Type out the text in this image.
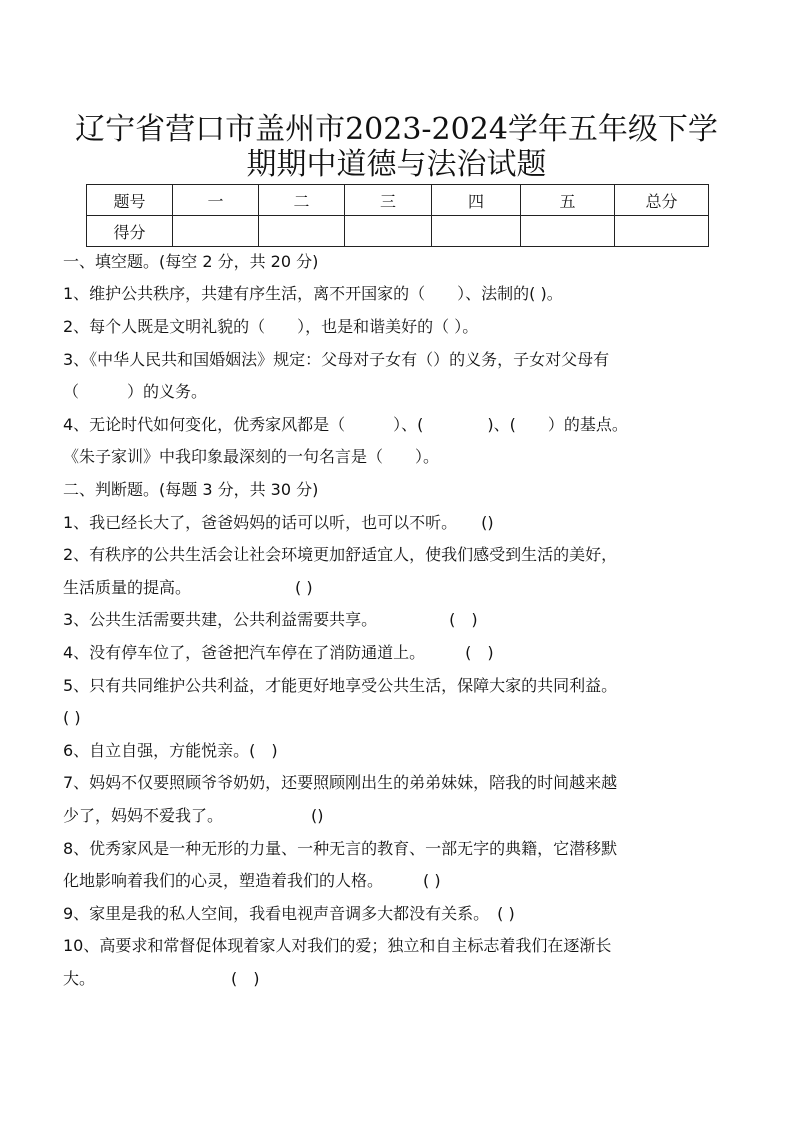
辽宁省营口市盖州市2023-2024学年五年级下学
期期中道德与法治试题
题号	一	二	三	四	五	总分
得分						
一、填空题。(每空 2 分，共 20 分)
1、维护公共秩序，共建有序生活，离不开国家的（　　）、法制的( )。
2、每个人既是文明礼貌的（　　），也是和谐美好的（ ）。
3、《中华人民共和国婚姻法》规定：父母对子女有（）的义务，子女对父母有
（　　　）的义务。
4、无论时代如何变化，优秀家风都是（　　　）、(　　　　)、(　　）的基点。
《朱子家训》中我印象最深刻的一句名言是（　　）。
二、判断题。(每题 3 分，共 30 分)
1、我已经长大了，爸爸妈妈的话可以听，也可以不听。　　()
2、有秩序的公共生活会让社会环境更加舒适宜人，使我们感受到生活的美好，
生活质量的提高。　　　　　　　( )
3、公共生活需要共建，公共利益需要共享。　　　　　(　)
4、没有停车位了，爸爸把汽车停在了消防通道上。　　　(　)
5、只有共同维护公共利益，才能更好地享受公共生活，保障大家的共同利益。
( )
6、自立自强，方能悦亲。(　)
7、妈妈不仅要照顾爷爷奶奶，还要照顾刚出生的弟弟妹妹，陪我的时间越来越
少了，妈妈不爱我了。　　　　　　()
8、优秀家风是一种无形的力量、一种无言的教育、一部无字的典籍，它潜移默
化地影响着我们的心灵，塑造着我们的人格。　　　( )
9、家里是我的私人空间，我看电视声音调多大都没有关系。　( )
10、高要求和常督促体现着家人对我们的爱；独立和自主标志着我们在逐渐长
大。　　　　　　　　　(　)
